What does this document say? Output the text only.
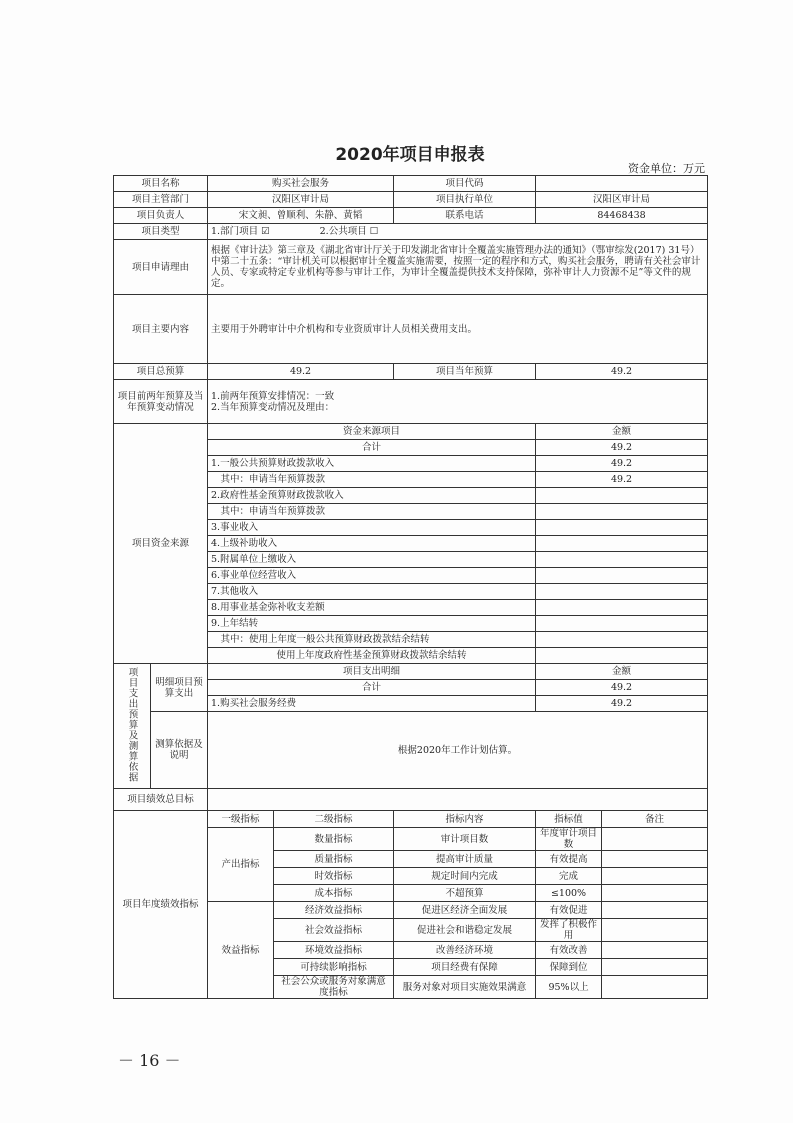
2020年项目申报表
资金单位：万元
项目名称		购买社会服务		项目代码		
项目主管部门		汉阳区审计局		项目执行单位	汉阳区审计局	
项目负责人		宋文昶、曾顺利、朱静、黄韬		联系电话	84468438	
项目类型		1.部门项目 ☑ 2.公共项目 ☐				
项目申请理由		根据《审计法》第三章及《湖北省审计厅关于印发湖北省审计全覆盖实施管理办法的通知》（鄂审综发(2017) 31号）中第二十五条：“审计机关可以根据审计全覆盖实施需要，按照一定的程序和方式，购买社会服务，聘请有关社会审计人员、专家或特定专业机构等参与审计工作，为审计全覆盖提供技术支持保障，弥补审计人力资源不足”等文件的规定。				
项目主要内容		主要用于外聘审计中介机构和专业资质审计人员相关费用支出。				
项目总预算		49.2		项目当年预算	49.2	
项目前两年预算及当年预算变动情况		1.前两年预算安排情况：一致
2.当年预算变动情况及理由：				

项目资金来源		资金来源项目			金额	
		合计			49.2	
		1.一般公共预算财政拨款收入			49.2	
		　其中：申请当年预算拨款			49.2	
		2.政府性基金预算财政拨款收入				
		　其中：申请当年预算拨款				
		3.事业收入				
		4.上级补助收入				
		5.附属单位上缴收入				
		6.事业单位经营收入				
		7.其他收入				
		8.用事业基金弥补收支差额				
		9.上年结转				
		　其中：使用上年度一般公共预算财政拨款结余结转				
		使用上年度政府性基金预算财政拨款结余结转				
项目支出预算及测算依据	明细项目预算支出	项目支出明细			金额	
		合计			49.2	
		1.购买社会服务经费			49.2	
	测算依据及说明	根据2020年工作计划估算。				
项目绩效总目标						
项目年度绩效指标		一级指标	二级指标	指标内容	指标值	备注
		产出指标	数量指标	审计项目数	年度审计项目数	
			质量指标	提高审计质量	有效提高	
			时效指标	规定时间内完成	完成	
			成本指标	不超预算	≤100%	
		效益指标	经济效益指标	促进区经济全面发展	有效促进	
			社会效益指标	促进社会和谐稳定发展	发挥了积极作用	
			环境效益指标	改善经济环境	有效改善	
			可持续影响指标	项目经费有保障	保障到位	
			社会公众或服务对象满意度指标	服务对象对项目实施效果满意	95%以上	
－ 16 －
